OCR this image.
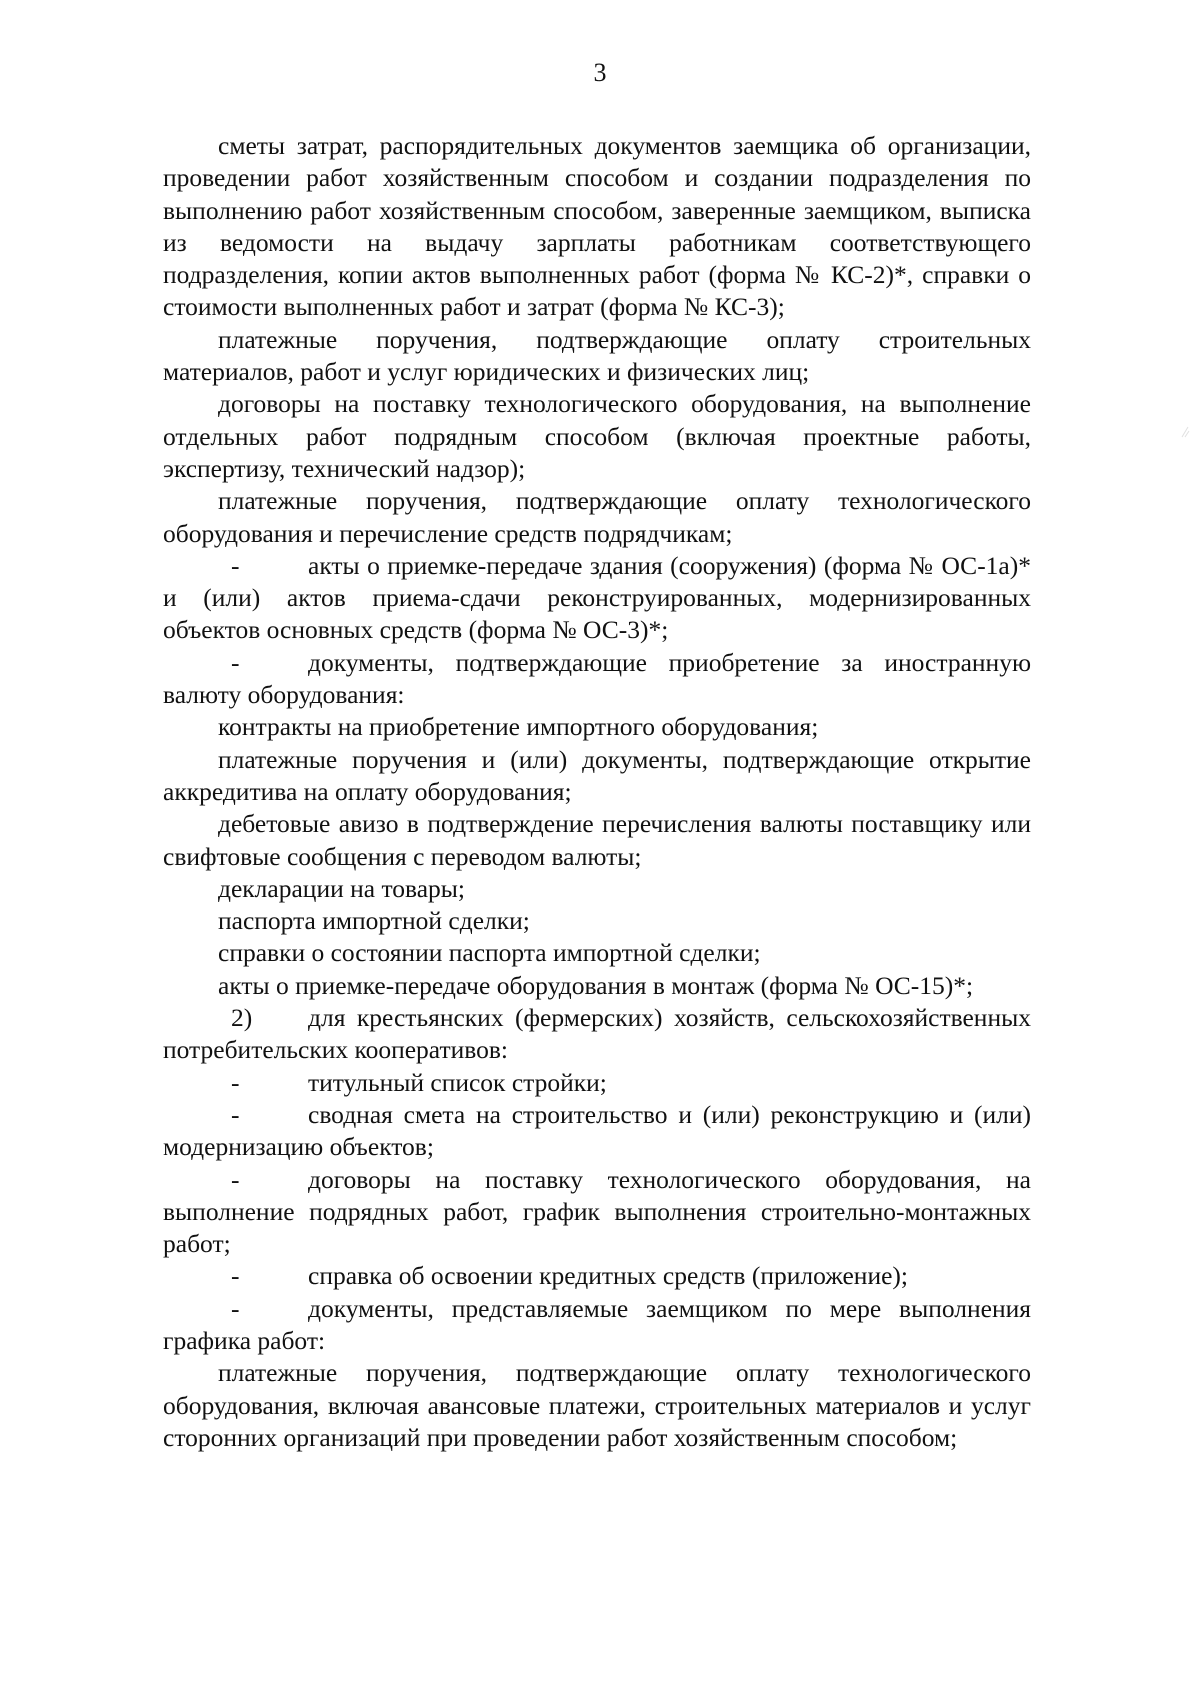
3

сметы затрат, распорядительных документов заемщика об организации, проведении работ хозяйственным способом и создании подразделения по выполнению работ хозяйственным способом, заверенные заемщиком, выписка из ведомости на выдачу зарплаты работникам соответствующего подразделения, копии актов выполненных работ (форма № КС-2)*, справки о стоимости выполненных работ и затрат (форма № КС-3);

платежные поручения, подтверждающие оплату строительных материалов, работ и услуг юридических и физических лиц;

договоры на поставку технологического оборудования, на выполнение отдельных работ подрядным способом (включая проектные работы, экспертизу, технический надзор);

платежные поручения, подтверждающие оплату технологического оборудования и перечисление средств подрядчикам;

-	акты о приемке-передаче здания (сооружения) (форма № ОС-1а)* и (или) актов приема-сдачи реконструированных, модернизированных объектов основных средств (форма № ОС-3)*;

-	документы, подтверждающие приобретение за иностранную валюту оборудования:

контракты на приобретение импортного оборудования;

платежные поручения и (или) документы, подтверждающие открытие аккредитива на оплату оборудования;

дебетовые авизо в подтверждение перечисления валюты поставщику или свифтовые сообщения с переводом валюты;

декларации на товары;

паспорта импортной сделки;

справки о состоянии паспорта импортной сделки;

акты о приемке-передаче оборудования в монтаж (форма № ОС-15)*;

2) для крестьянских (фермерских) хозяйств, сельскохозяйственных потребительских кооперативов:

-	титульный список стройки;

-	сводная смета на строительство и (или) реконструкцию и (или) модернизацию объектов;

-	договоры на поставку технологического оборудования, на выполнение подрядных работ, график выполнения строительно-монтажных работ;

-	справка об освоении кредитных средств (приложение);

-	документы, представляемые заемщиком по мере выполнения графика работ:

платежные поручения, подтверждающие оплату технологического оборудования, включая авансовые платежи, строительных материалов и услуг сторонних организаций при проведении работ хозяйственным способом;
